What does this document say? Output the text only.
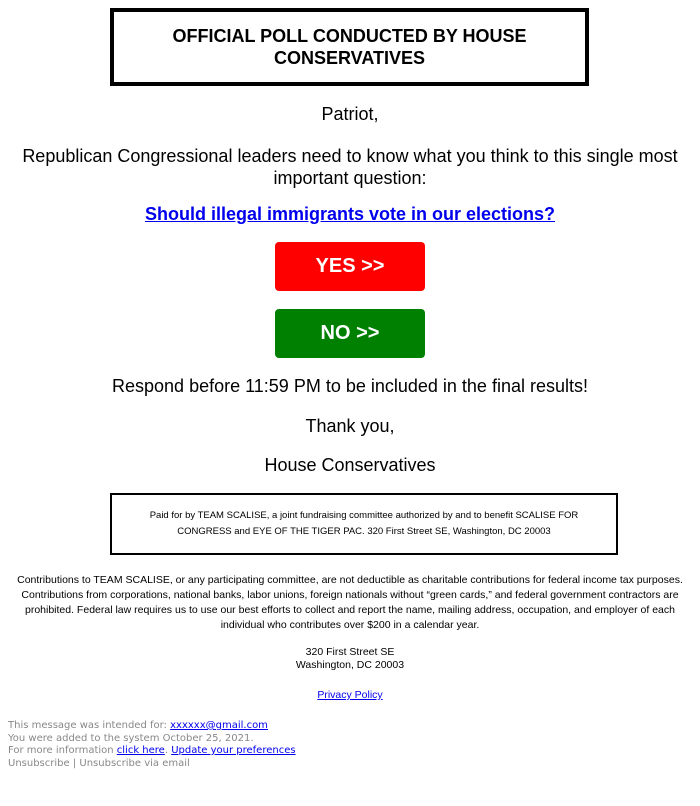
OFFICIAL POLL CONDUCTED BY HOUSE CONSERVATIVES
Patriot,
Republican Congressional leaders need to know what you think to this single most important question:
Should illegal immigrants vote in our elections?
YES >>
NO >>
Respond before 11:59 PM to be included in the final results!
Thank you,
House Conservatives
Paid for by TEAM SCALISE, a joint fundraising committee authorized by and to benefit SCALISE FOR CONGRESS and EYE OF THE TIGER PAC. 320 First Street SE, Washington, DC 20003
Contributions to TEAM SCALISE, or any participating committee, are not deductible as charitable contributions for federal income tax purposes. Contributions from corporations, national banks, labor unions, foreign nationals without “green cards,” and federal government contractors are prohibited. Federal law requires us to use our best efforts to collect and report the name, mailing address, occupation, and employer of each individual who contributes over $200 in a calendar year.
320 First Street SE
Washington, DC 20003
Privacy Policy
This message was intended for: xxxxxx@gmail.com
You were added to the system October 25, 2021.
For more information click here. Update your preferences
Unsubscribe | Unsubscribe via email
